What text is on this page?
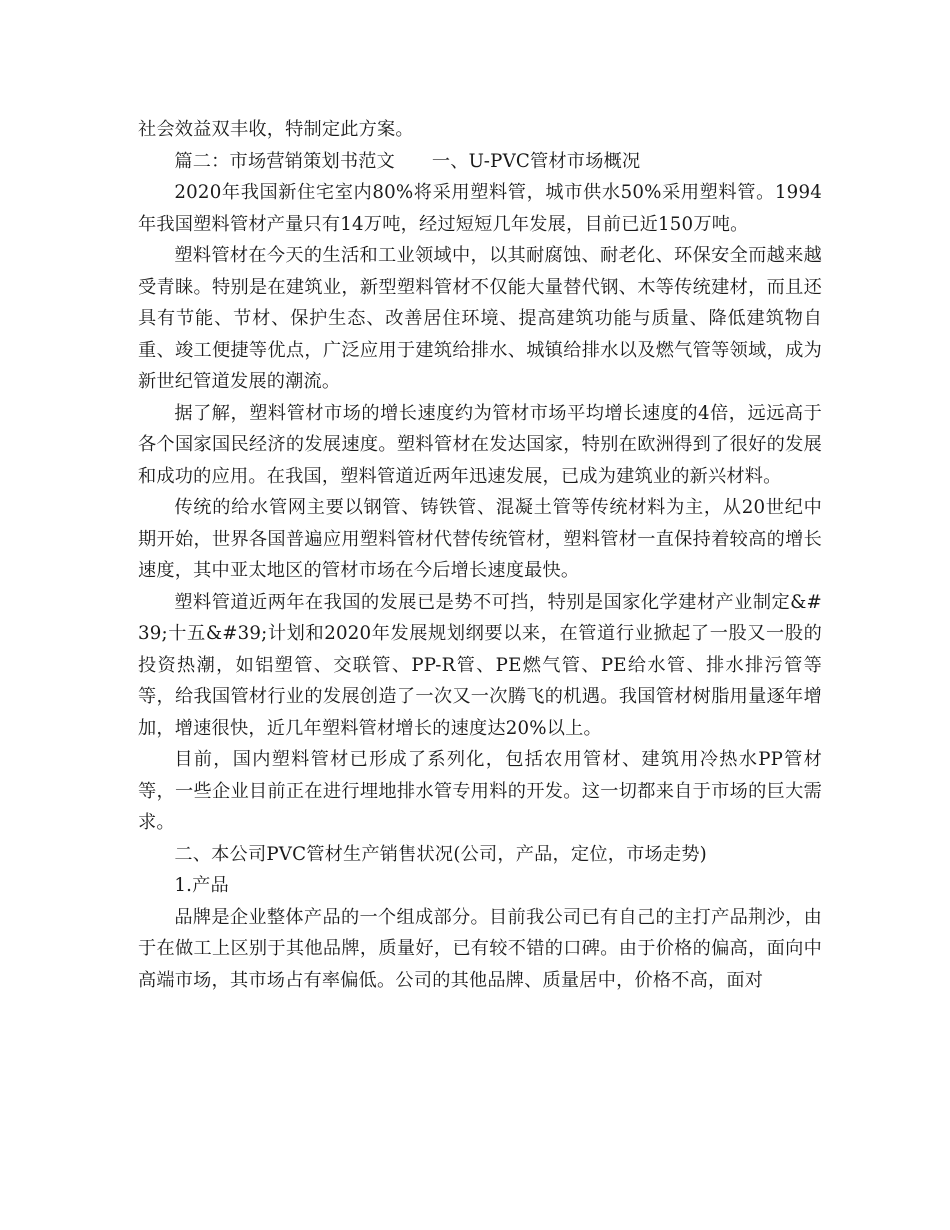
社会效益双丰收，特制定此方案。

篇二：市场营销策划书范文　　一、U-PVC管材市场概况

2020年我国新住宅室内80%将采用塑料管，城市供水50%采用塑料管。1994年我国塑料管材产量只有14万吨，经过短短几年发展，目前已近150万吨。

塑料管材在今天的生活和工业领域中，以其耐腐蚀、耐老化、环保安全而越来越受青睐。特别是在建筑业，新型塑料管材不仅能大量替代钢、木等传统建材，而且还具有节能、节材、保护生态、改善居住环境、提高建筑功能与质量、降低建筑物自重、竣工便捷等优点，广泛应用于建筑给排水、城镇给排水以及燃气管等领域，成为新世纪管道发展的潮流。

据了解，塑料管材市场的增长速度约为管材市场平均增长速度的4倍，远远高于各个国家国民经济的发展速度。塑料管材在发达国家，特别在欧洲得到了很好的发展和成功的应用。在我国，塑料管道近两年迅速发展，已成为建筑业的新兴材料。

传统的给水管网主要以钢管、铸铁管、混凝土管等传统材料为主，从20世纪中期开始，世界各国普遍应用塑料管材代替传统管材，塑料管材一直保持着较高的增长速度，其中亚太地区的管材市场在今后增长速度最快。

塑料管道近两年在我国的发展已是势不可挡，特别是国家化学建材产业制定&#39;十五&#39;计划和2020年发展规划纲要以来，在管道行业掀起了一股又一股的投资热潮，如铝塑管、交联管、PP-R管、PE燃气管、PE给水管、排水排污管等等，给我国管材行业的发展创造了一次又一次腾飞的机遇。我国管材树脂用量逐年增加，增速很快，近几年塑料管材增长的速度达20%以上。

目前，国内塑料管材已形成了系列化，包括农用管材、建筑用冷热水PP管材等，一些企业目前正在进行埋地排水管专用料的开发。这一切都来自于市场的巨大需求。

二、本公司PVC管材生产销售状况(公司，产品，定位，市场走势)

1.产品

品牌是企业整体产品的一个组成部分。目前我公司已有自己的主打产品荆沙，由于在做工上区别于其他品牌，质量好，已有较不错的口碑。由于价格的偏高，面向中高端市场，其市场占有率偏低。公司的其他品牌、质量居中，价格不高，面对
